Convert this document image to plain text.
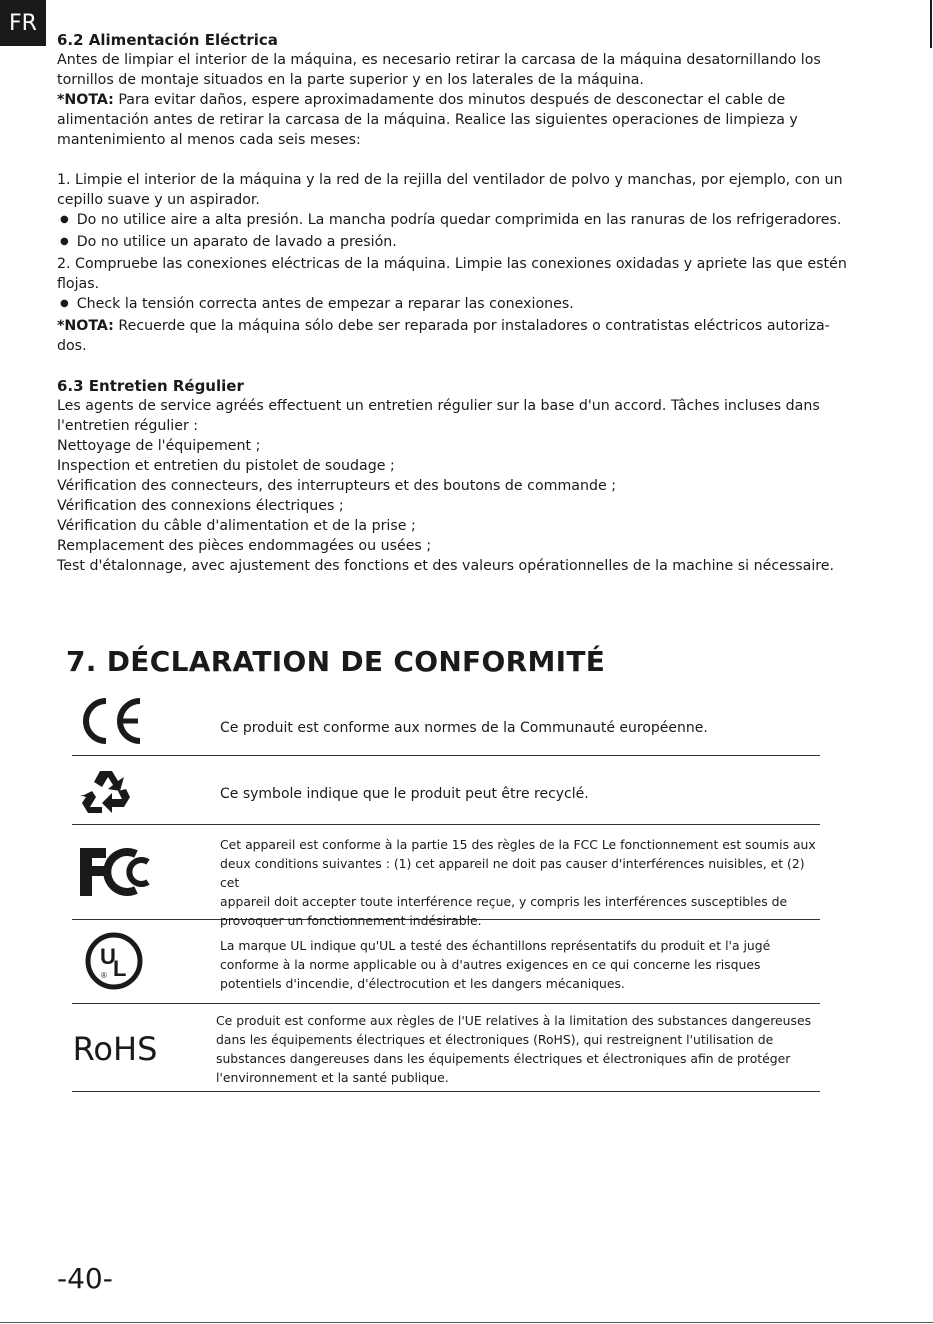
FR

6.2 Alimentación Eléctrica

Antes de limpiar el interior de la máquina, es necesario retirar la carcasa de la máquina desatornillando los

tornillos de montaje situados en la parte superior y en los laterales de la máquina.

*NOTA: Para evitar daños, espere aproximadamente dos minutos después de desconectar el cable de

alimentación antes de retirar la carcasa de la máquina. Realice las siguientes operaciones de limpieza y

mantenimiento al menos cada seis meses:

1. Limpie el interior de la máquina y la red de la rejilla del ventilador de polvo y manchas, por ejemplo, con un

cepillo suave y un aspirador.

● Do no utilice aire a alta presión. La mancha podría quedar comprimida en las ranuras de los refrigeradores.

● Do no utilice un aparato de lavado a presión.

2. Compruebe las conexiones eléctricas de la máquina. Limpie las conexiones oxidadas y apriete las que estén

flojas.

● Check la tensión correcta antes de empezar a reparar las conexiones.

*NOTA: Recuerde que la máquina sólo debe ser reparada por instaladores o contratistas eléctricos autoriza-

dos.

6.3 Entretien Régulier

Les agents de service agréés effectuent un entretien régulier sur la base d'un accord. Tâches incluses dans

l'entretien régulier :

Nettoyage de l'équipement ;

Inspection et entretien du pistolet de soudage ;

Vérification des connecteurs, des interrupteurs et des boutons de commande ;

Vérification des connexions électriques ;

Vérification du câble d'alimentation et de la prise ;

Remplacement des pièces endommagées ou usées ;

Test d'étalonnage, avec ajustement des fonctions et des valeurs opérationnelles de la machine si nécessaire.

7. DÉCLARATION DE CONFORMITÉ
Ce produit est conforme aux normes de la Communauté européenne.
Ce symbole indique que le produit peut être recyclé.
Cet appareil est conforme à la partie 15 des règles de la FCC Le fonctionnement est soumis aux
deux conditions suivantes : (1) cet appareil ne doit pas causer d'interférences nuisibles, et (2) cet
appareil doit accepter toute interférence reçue, y compris les interférences susceptibles de
provoquer un fonctionnement indésirable.
U
L
®
La marque UL indique qu'UL a testé des échantillons représentatifs du produit et l'a jugé
conforme à la norme applicable ou à d'autres exigences en ce qui concerne les risques
potentiels d'incendie, d'électrocution et les dangers mécaniques.
RoHS
Ce produit est conforme aux règles de l'UE relatives à la limitation des substances dangereuses
dans les équipements électriques et électroniques (RoHS), qui restreignent l'utilisation de
substances dangereuses dans les équipements électriques et électroniques afin de protéger
l'environnement et la santé publique.
-40-
